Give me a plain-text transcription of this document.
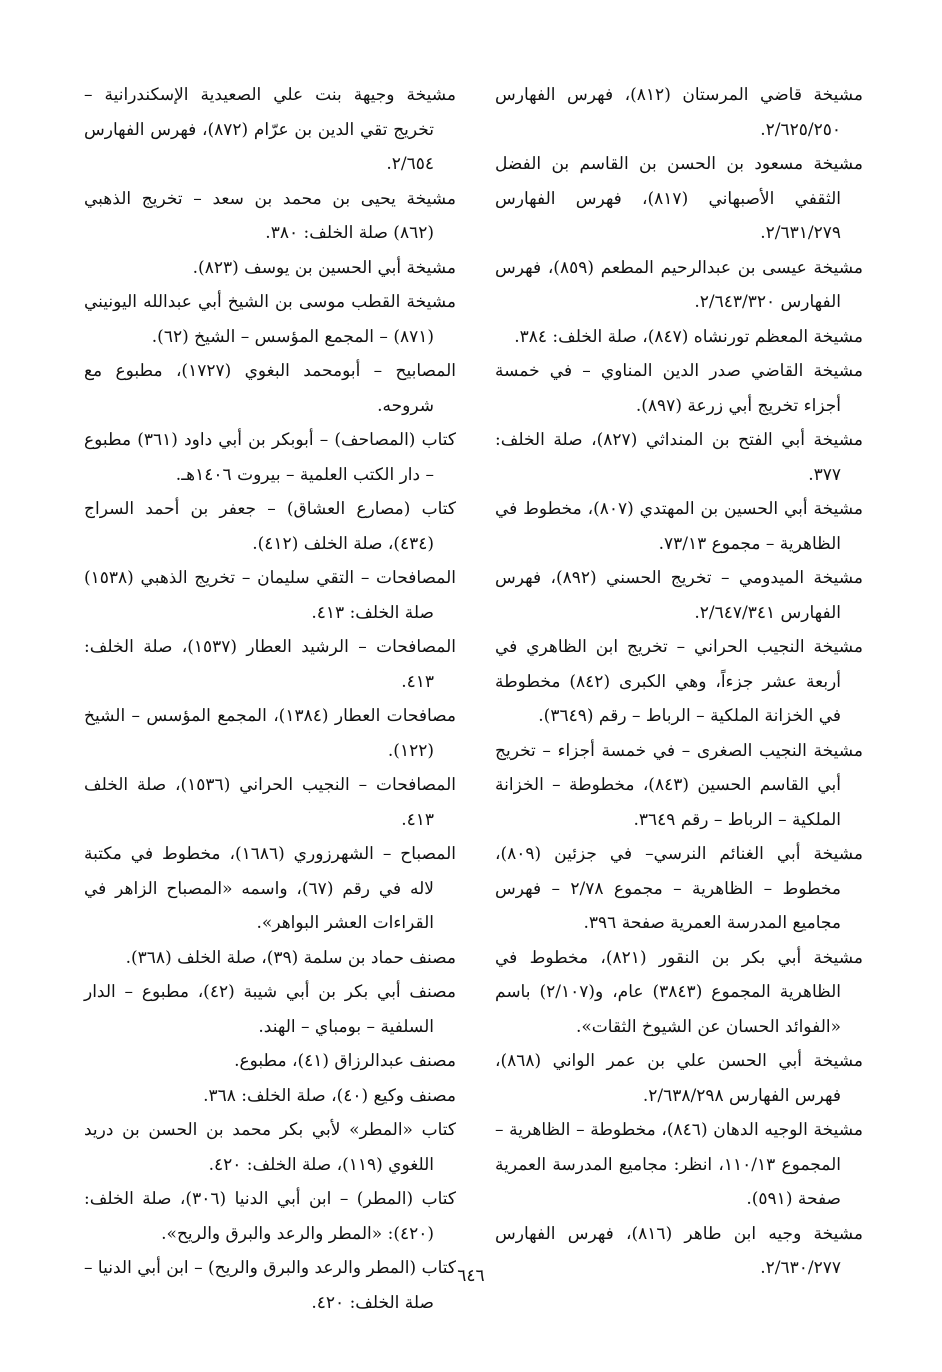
مشيخة قاضي المرستان (٨١٢)، فهرس الفهارس ٢/٦٢٥/٢٥٠.

مشيخة مسعود بن الحسن بن القاسم بن الفضل الثقفي الأصبهاني (٨١٧)، فهرس الفهارس ٢/٦٣١/٢٧٩.

مشيخة عيسى بن عبدالرحيم المطعم (٨٥٩)، فهرس الفهارس ٢/٦٤٣/٣٢٠.

مشيخة المعظم تورنشاه (٨٤٧)، صلة الخلف: ٣٨٤.

مشيخة القاضي صدر الدين المناوي – في خمسة أجزاء تخريج أبي زرعة (٨٩٧).

مشيخة أبي الفتح بن المنداثي (٨٢٧)، صلة الخلف: ٣٧٧.

مشيخة أبي الحسين بن المهتدي (٨٠٧)، مخطوط في الظاهرية – مجموع ٧٣/١٣.

مشيخة الميدومي – تخريج الحسني (٨٩٢)، فهرس الفهارس ٢/٦٤٧/٣٤١.

مشيخة النجيب الحراني – تخريج ابن الظاهري في أربعة عشر جزءاً، وهي الكبرى (٨٤٢) مخطوطة في الخزانة الملكية – الرباط – رقم (٣٦٤٩).

مشيخة النجيب الصغرى – في خمسة أجزاء – تخريج أبي القاسم الحسين (٨٤٣)، مخطوطة – الخزانة الملكية – الرباط – رقم ٣٦٤٩.

مشيخة أبي الغنائم النرسي– في جزئين (٨٠٩)، مخطوط – الظاهرية – مجموع ٢/٧٨ – فهرس مجاميع المدرسة العمرية صفحة ٣٩٦.

مشيخة أبي بكر بن النقور (٨٢١)، مخطوط في الظاهرية المجموع (٣٨٤٣) عام، و(٢/١٠٧) باسم «الفوائد الحسان عن الشيوخ الثقات».

مشيخة أبي الحسن علي بن عمر الواني (٨٦٨)، فهرس الفهارس ٢/٦٣٨/٢٩٨.

مشيخة الوجيه الدهان (٨٤٦)، مخطوطة – الظاهرية – المجموع ١١٠/١٣، انظر: مجاميع المدرسة العمرية صفحة (٥٩١).

مشيخة وجيه ابن طاهر (٨١٦)، فهرس الفهارس ٢/٦٣٠/٢٧٧.

مشيخة وجيهة بنت علي الصعيدية الإسكندرانية – تخريج تقي الدين بن عرّام (٨٧٢)، فهرس الفهارس ٢/٦٥٤.

مشيخة يحيى بن محمد بن سعد – تخريج الذهبي (٨٦٢) صلة الخلف: ٣٨٠.

مشيخة أبي الحسين بن يوسف (٨٢٣).

مشيخة القطب موسى بن الشيخ أبي عبدالله اليونيني (٨٧١) – المجمع المؤسس – الشيخ (٦٢).

المصابيح – أبومحمد البغوي (١٧٢٧)، مطبوع مع شروحه.

كتاب (المصاحف) – أبوبكر بن أبي داود (٣٦١) مطبوع – دار الكتب العلمية – بيروت ١٤٠٦هـ.

كتاب (مصارع العشاق) – جعفر بن أحمد السراج (٤٣٤)، صلة الخلف (٤١٢).

المصافحات – التقي سليمان – تخريج الذهبي (١٥٣٨) صلة الخلف: ٤١٣.

المصافحات – الرشيد العطار (١٥٣٧)، صلة الخلف: ٤١٣.

مصافحات العطار (١٣٨٤)، المجمع المؤسس – الشيخ (١٢٢).

المصافحات – النجيب الحراني (١٥٣٦)، صلة الخلف ٤١٣.

المصباح – الشهرزوري (١٦٨٦)، مخطوط في مكتبة لاله في رقم (٦٧)، واسمه «المصباح الزاهر في القراءات العشر البواهر».

مصنف حماد بن سلمة (٣٩)، صلة الخلف (٣٦٨).

مصنف أبي بكر بن أبي شيبة (٤٢)، مطبوع – الدار السلفية – بومباي – الهند.

مصنف عبدالرزاق (٤١)، مطبوع.

مصنف وكيع (٤٠)، صلة الخلف: ٣٦٨.

كتاب «المطر» لأبي بكر محمد بن الحسن بن دريد اللغوي (١١٩)، صلة الخلف: ٤٢٠.

كتاب (المطر) – ابن أبي الدنيا (٣٠٦)، صلة الخلف: (٤٢٠): «المطر والرعد والبرق والريح».

كتاب (المطر والرعد والبرق والريح) – ابن أبي الدنيا – صلة الخلف: ٤٢٠.

٦٤٦
